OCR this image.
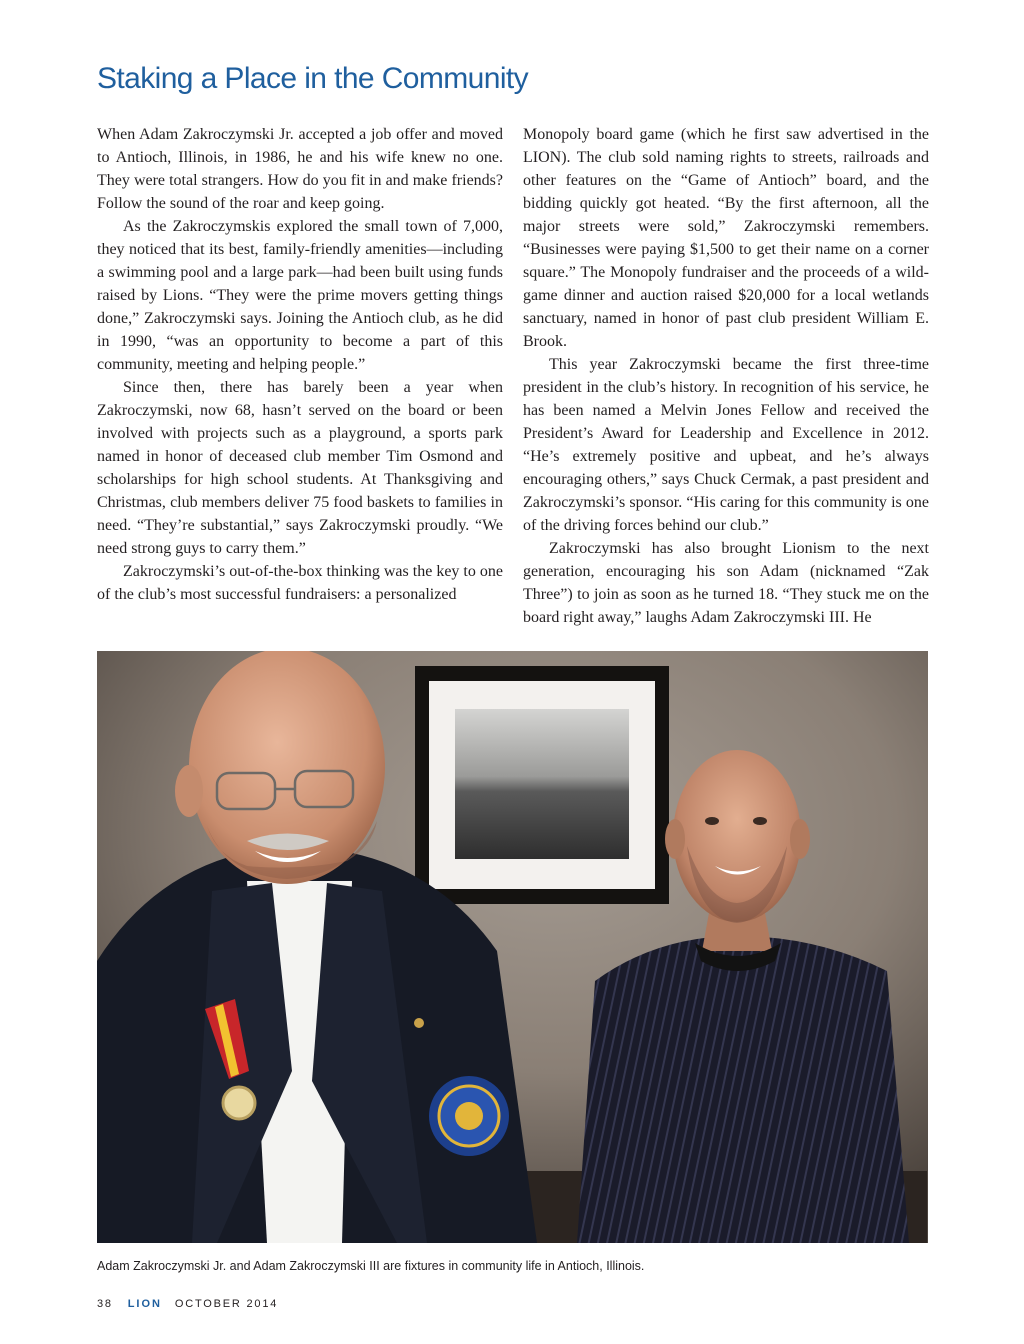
Staking a Place in the Community

When Adam Zakroczymski Jr. accepted a job offer and moved to Antioch, Illinois, in 1986, he and his wife knew no one. They were total strangers. How do you fit in and make friends? Follow the sound of the roar and keep going.

As the Zakroczymskis explored the small town of 7,000, they noticed that its best, family-friendly amenities—including a swimming pool and a large park—had been built using funds raised by Lions. “They were the prime movers getting things done,” Zakroczymski says. Joining the Antioch club, as he did in 1990, “was an opportunity to become a part of this community, meeting and helping people.”

Since then, there has barely been a year when Zakroczymski, now 68, hasn’t served on the board or been involved with projects such as a playground, a sports park named in honor of deceased club member Tim Osmond and scholarships for high school students. At Thanksgiving and Christmas, club members deliver 75 food baskets to families in need. “They’re substantial,” says Zakroczymski proudly. “We need strong guys to carry them.”

Zakroczymski’s out-of-the-box thinking was the key to one of the club’s most successful fundraisers: a personalized

Monopoly board game (which he first saw advertised in the LION). The club sold naming rights to streets, railroads and other features on the “Game of Antioch” board, and the bidding quickly got heated. “By the first afternoon, all the major streets were sold,” Zakroczymski remembers. “Businesses were paying $1,500 to get their name on a corner square.” The Monopoly fundraiser and the proceeds of a wild-game dinner and auction raised $20,000 for a local wetlands sanctuary, named in honor of past club president William E. Brook.

This year Zakroczymski became the first three-time president in the club’s history. In recognition of his service, he has been named a Melvin Jones Fellow and received the President’s Award for Leadership and Excellence in 2012. “He’s extremely positive and upbeat, and he’s always encouraging others,” says Chuck Cermak, a past president and Zakroczymski’s sponsor. “His caring for this community is one of the driving forces behind our club.”

Zakroczymski has also brought Lionism to the next generation, encouraging his son Adam (nicknamed “Zak Three”) to join as soon as he turned 18. “They stuck me on the board right away,” laughs Adam Zakroczymski III. He

Adam Zakroczymski Jr. and Adam Zakroczymski III are fixtures in community life in Antioch, Illinois.

38 LION OCTOBER 2014
